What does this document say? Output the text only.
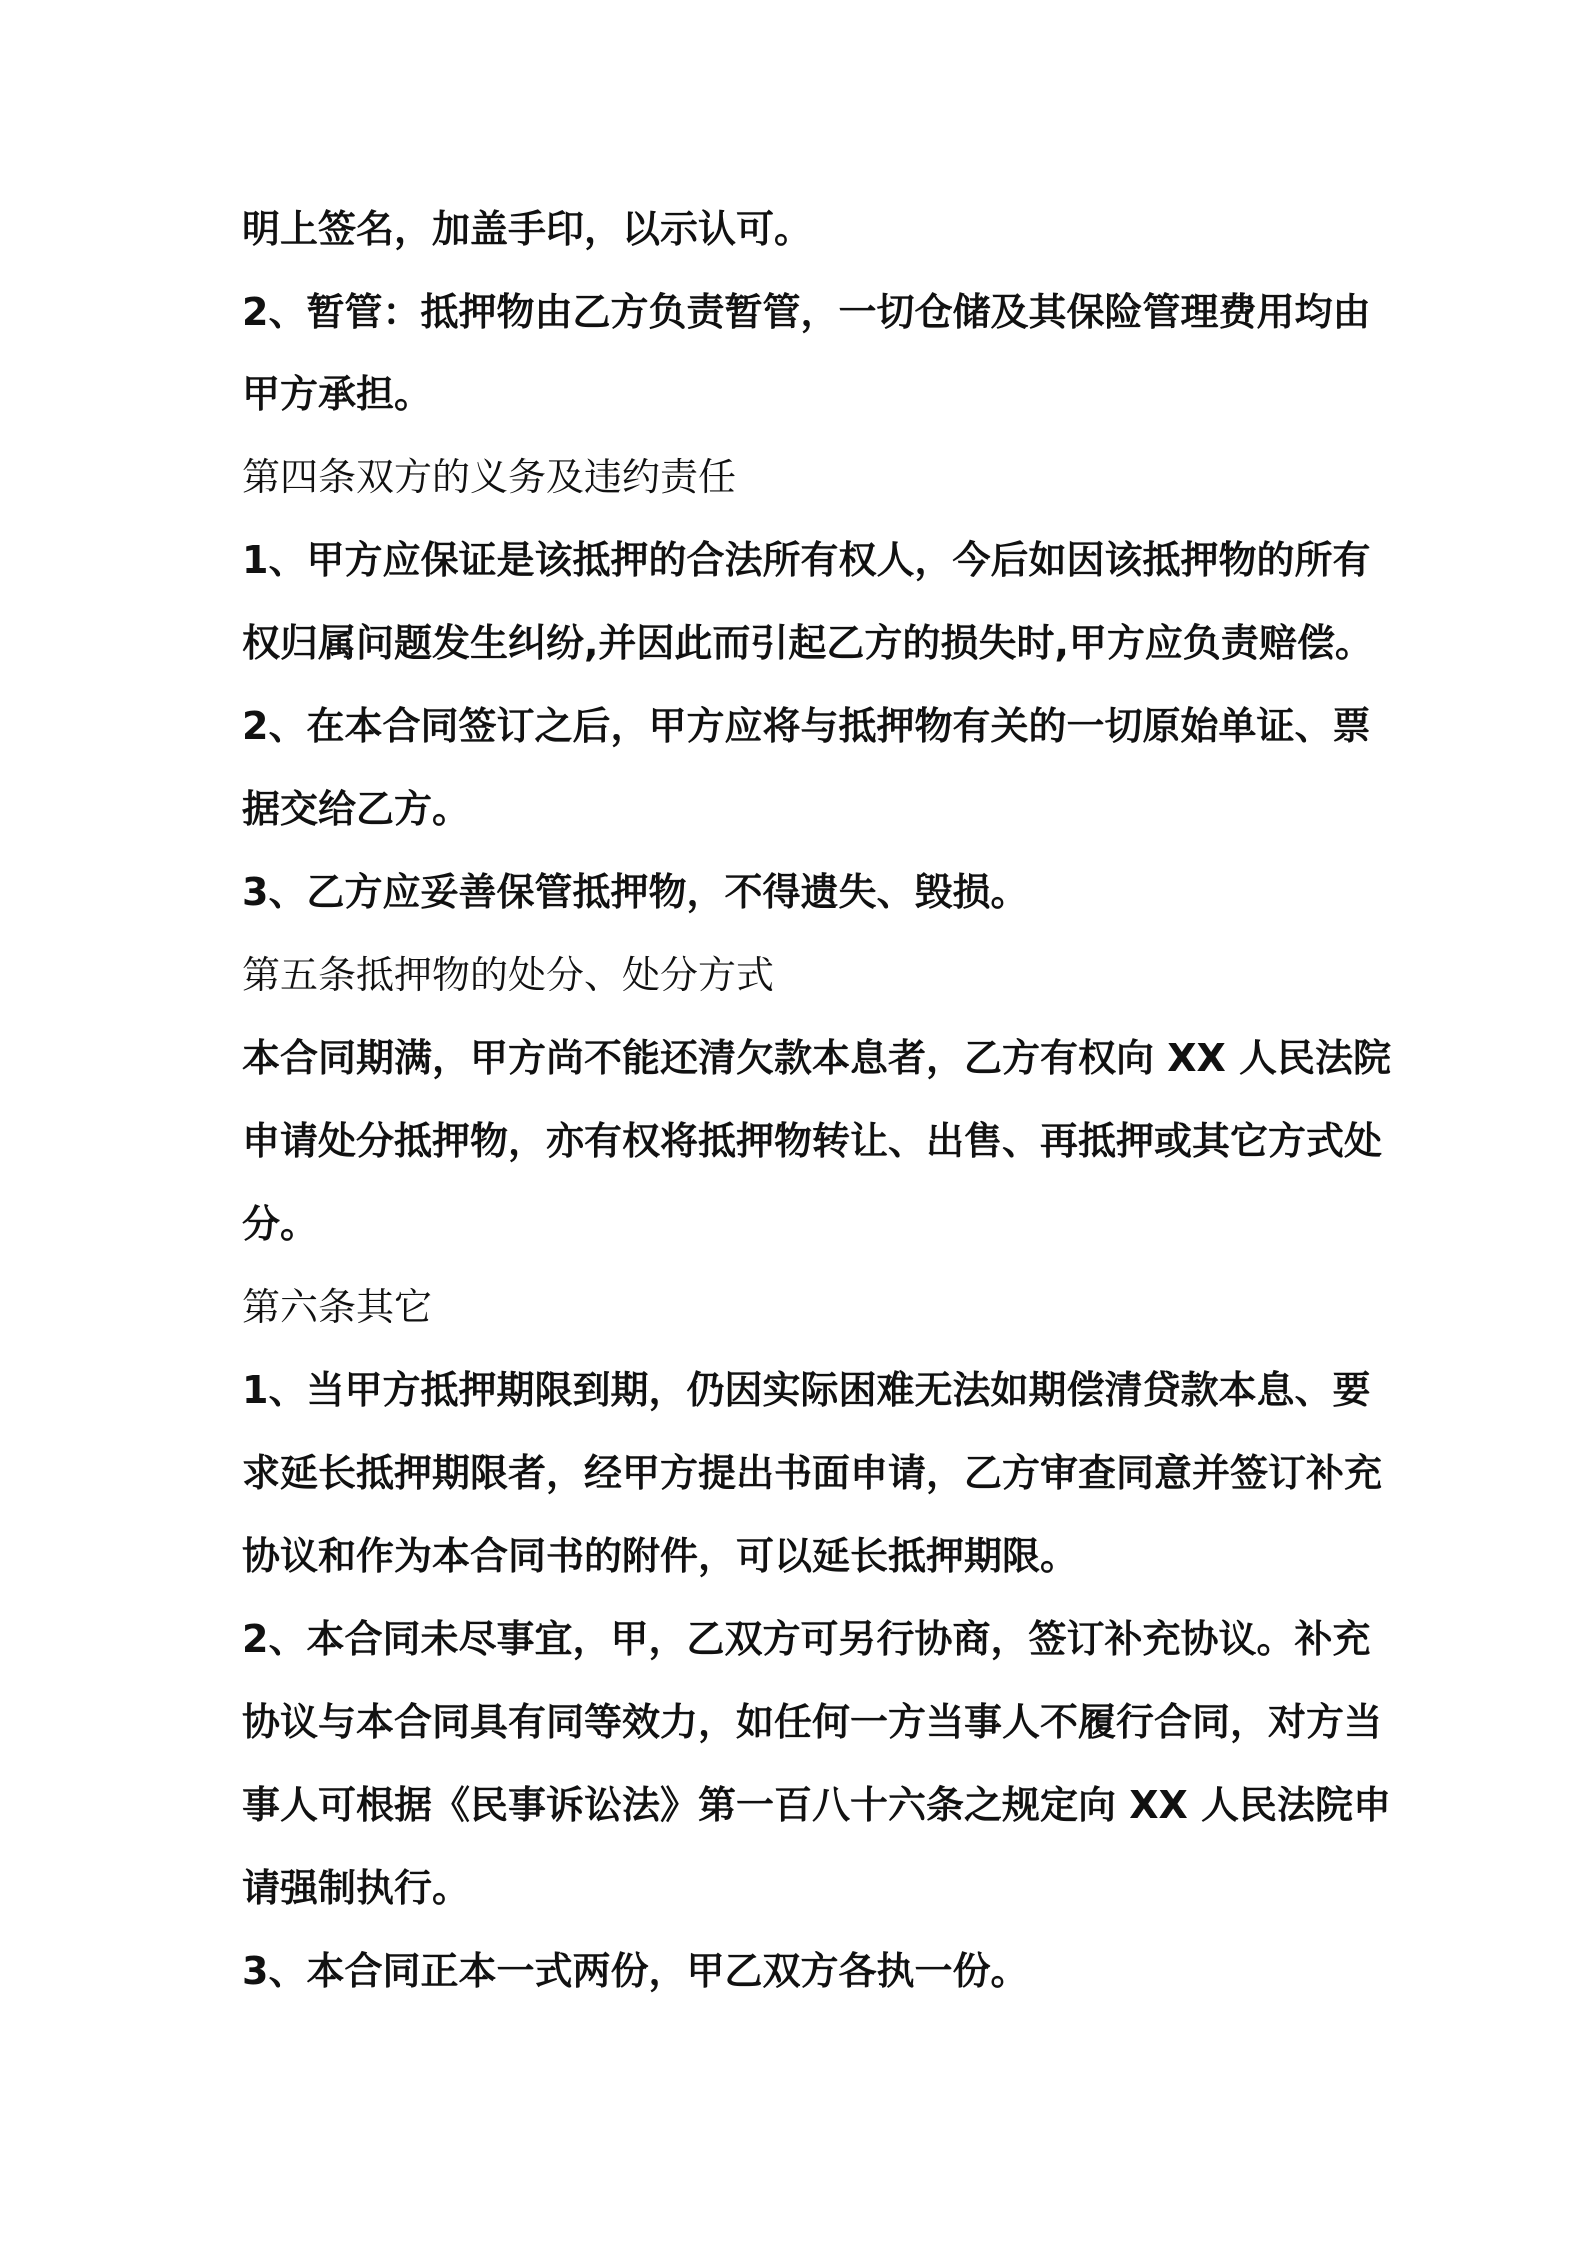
明上签名，加盖手印，以示认可。

2、暂管：抵押物由乙方负责暂管，一切仓储及其保险管理费用均由

甲方承担。

第四条双方的义务及违约责任

1、甲方应保证是该抵押的合法所有权人，今后如因该抵押物的所有

权归属问题发生纠纷,并因此而引起乙方的损失时,甲方应负责赔偿。

2、在本合同签订之后，甲方应将与抵押物有关的一切原始单证、票

据交给乙方。

3、乙方应妥善保管抵押物，不得遗失、毁损。

第五条抵押物的处分、处分方式

本合同期满，甲方尚不能还清欠款本息者，乙方有权向 XX 人民法院

申请处分抵押物，亦有权将抵押物转让、出售、再抵押或其它方式处

分。

第六条其它

1、当甲方抵押期限到期，仍因实际困难无法如期偿清贷款本息、要

求延长抵押期限者，经甲方提出书面申请，乙方审查同意并签订补充

协议和作为本合同书的附件，可以延长抵押期限。

2、本合同未尽事宜，甲，乙双方可另行协商，签订补充协议。补充

协议与本合同具有同等效力，如任何一方当事人不履行合同，对方当

事人可根据《民事诉讼法》第一百八十六条之规定向 XX 人民法院申

请强制执行。

3、本合同正本一式两份，甲乙双方各执一份。
